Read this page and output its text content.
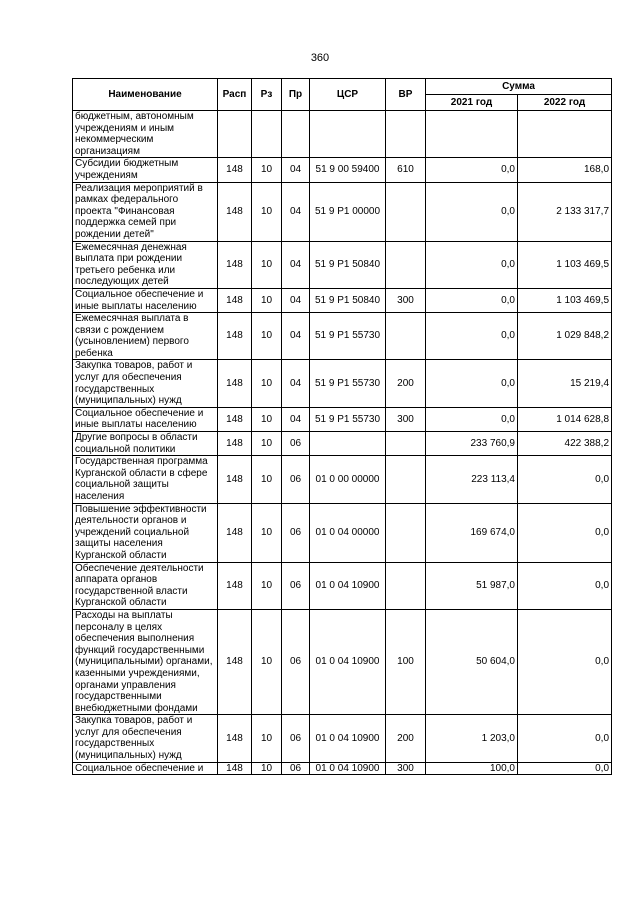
360
Наименование	Расп	Рз	Пр	ЦСР	ВР	Сумма	
						2021 год	2022 год
бюджетным, автономным учреждениям и иным некоммерческим организациям							
Субсидии бюджетным учреждениям	148	10	04	51 9 00 59400	610	0,0	168,0
Реализация мероприятий в рамках федерального проекта "Финансовая поддержка семей при рождении детей"	148	10	04	51 9 P1 00000		0,0	2 133 317,7
Ежемесячная денежная выплата при рождении третьего ребенка или последующих детей	148	10	04	51 9 P1 50840		0,0	1 103 469,5
Социальное обеспечение и иные выплаты населению	148	10	04	51 9 P1 50840	300	0,0	1 103 469,5
Ежемесячная выплата в связи с рождением (усыновлением) первого ребенка	148	10	04	51 9 P1 55730		0,0	1 029 848,2
Закупка товаров, работ и услуг для обеспечения государственных (муниципальных) нужд	148	10	04	51 9 P1 55730	200	0,0	15 219,4
Социальное обеспечение и иные выплаты населению	148	10	04	51 9 P1 55730	300	0,0	1 014 628,8
Другие вопросы в области социальной политики	148	10	06			233 760,9	422 388,2
Государственная программа Курганской области в сфере социальной защиты населения	148	10	06	01 0 00 00000		223 113,4	0,0
Повышение эффективности деятельности органов и учреждений социальной защиты населения Курганской области	148	10	06	01 0 04 00000		169 674,0	0,0
Обеспечение деятельности аппарата органов государственной власти Курганской области	148	10	06	01 0 04 10900		51 987,0	0,0
Расходы на выплаты персоналу в целях обеспечения выполнения функций государственными (муниципальными) органами, казенными учреждениями, органами управления государственными внебюджетными фондами	148	10	06	01 0 04 10900	100	50 604,0	0,0
Закупка товаров, работ и услуг для обеспечения государственных (муниципальных) нужд	148	10	06	01 0 04 10900	200	1 203,0	0,0
Социальное обеспечение и	148	10	06	01 0 04 10900	300	100,0	0,0
